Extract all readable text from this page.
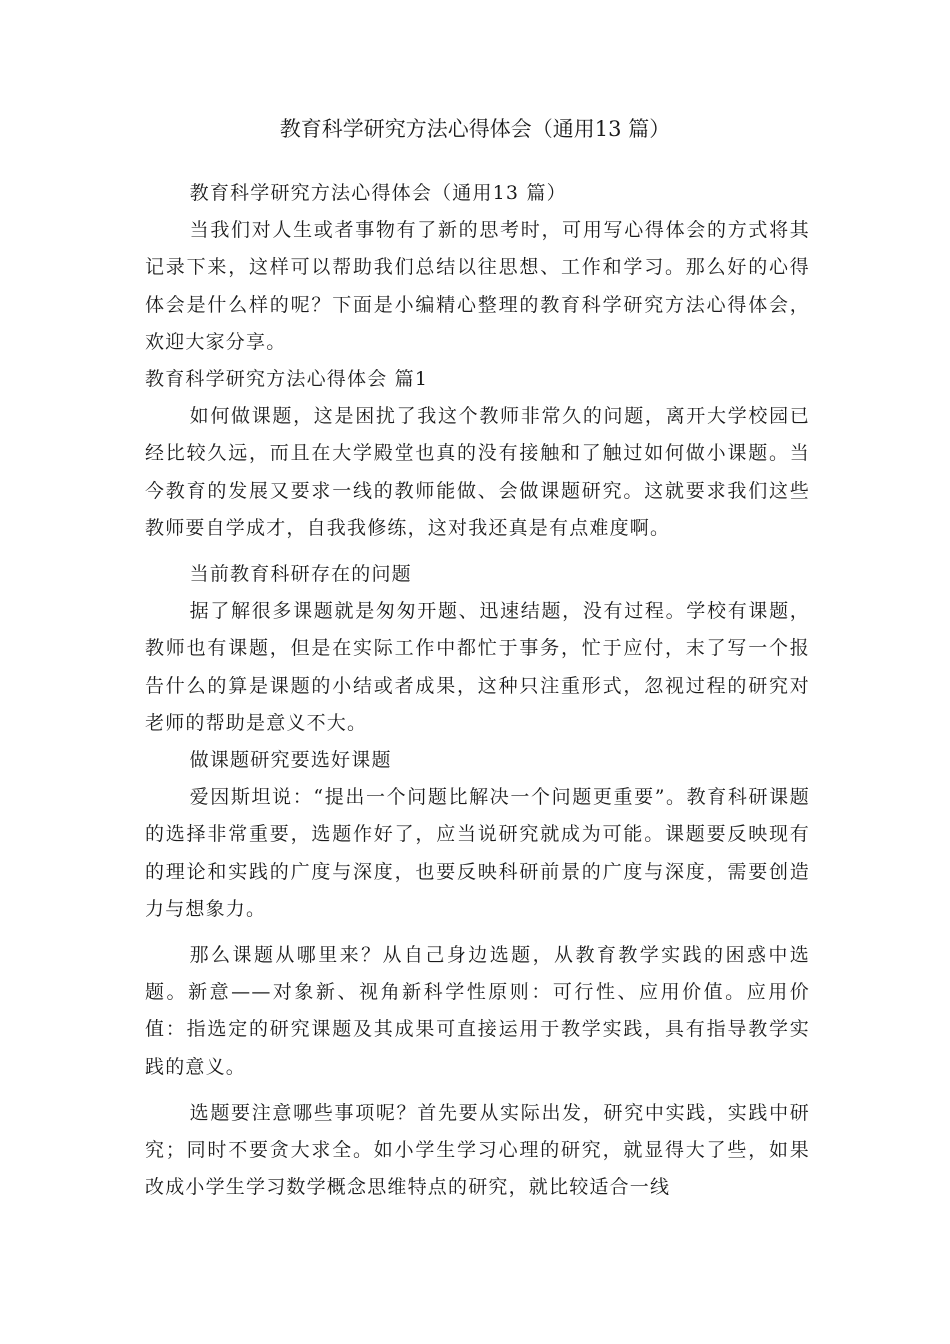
教育科学研究方法心得体会（通用13 篇）

教育科学研究方法心得体会（通用13 篇）

当我们对人生或者事物有了新的思考时，可用写心得体会的方式将其记录下来，这样可以帮助我们总结以往思想、工作和学习。那么好的心得体会是什么样的呢？下面是小编精心整理的教育科学研究方法心得体会，欢迎大家分享。

教育科学研究方法心得体会 篇1

如何做课题，这是困扰了我这个教师非常久的问题，离开大学校园已经比较久远，而且在大学殿堂也真的没有接触和了触过如何做小课题。当今教育的发展又要求一线的教师能做、会做课题研究。这就要求我们这些教师要自学成才，自我我修练，这对我还真是有点难度啊。

当前教育科研存在的问题

据了解很多课题就是匆匆开题、迅速结题，没有过程。学校有课题，教师也有课题，但是在实际工作中都忙于事务，忙于应付，末了写一个报告什么的算是课题的小结或者成果，这种只注重形式，忽视过程的研究对老师的帮助是意义不大。

做课题研究要选好课题

爱因斯坦说：“提出一个问题比解决一个问题更重要”。教育科研课题的选择非常重要，选题作好了，应当说研究就成为可能。课题要反映现有的理论和实践的广度与深度，也要反映科研前景的广度与深度，需要创造力与想象力。

那么课题从哪里来？从自己身边选题，从教育教学实践的困惑中选题。新意——对象新、视角新科学性原则：可行性、应用价值。应用价值：指选定的研究课题及其成果可直接运用于教学实践，具有指导教学实践的意义。

选题要注意哪些事项呢？首先要从实际出发，研究中实践，实践中研究；同时不要贪大求全。如小学生学习心理的研究，就显得大了些，如果改成小学生学习数学概念思维特点的研究，就比较适合一线
